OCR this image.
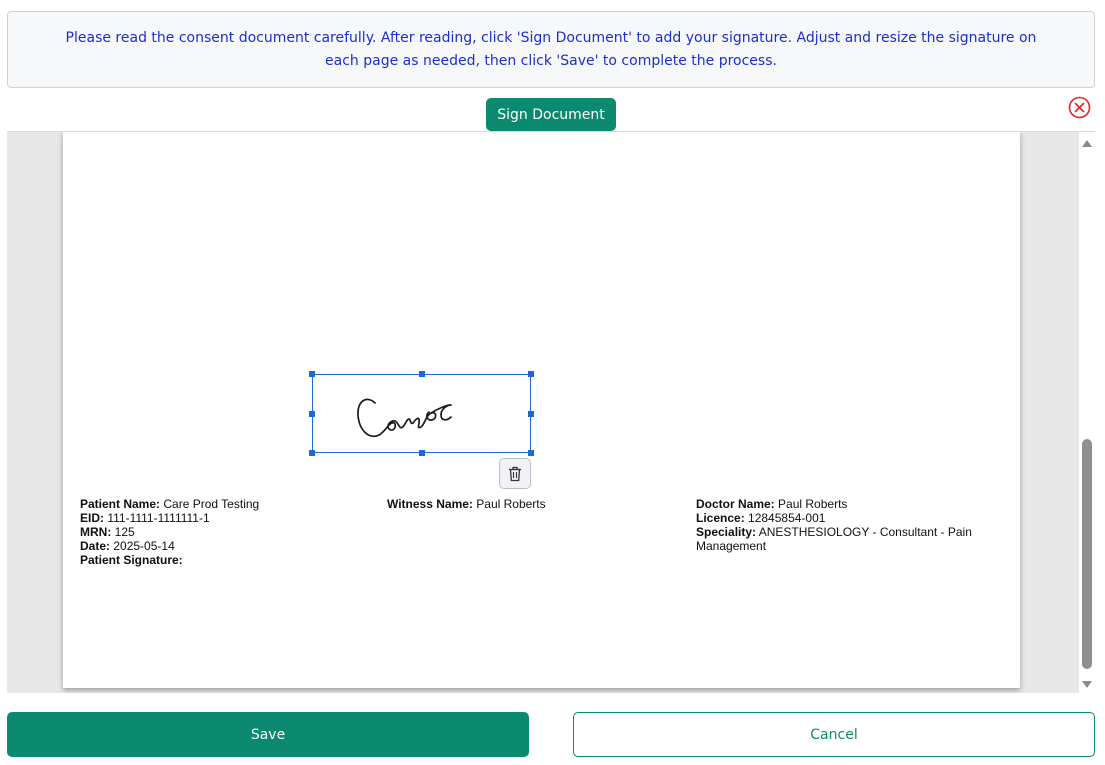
Please read the consent document carefully. After reading, click 'Sign Document' to add your signature. Adjust and resize the signature on each page as needed, then click 'Save' to complete the process.
Sign Document
Patient Name: Care Prod Testing
EID: 111-1111-1111111-1
MRN: 125
Date: 2025-05-14
Patient Signature:
Witness Name: Paul Roberts	Doctor Name: Paul Roberts
Licence: 12845854-001
Speciality: ANESTHESIOLOGY - Consultant - Pain Management
Save	Cancel
